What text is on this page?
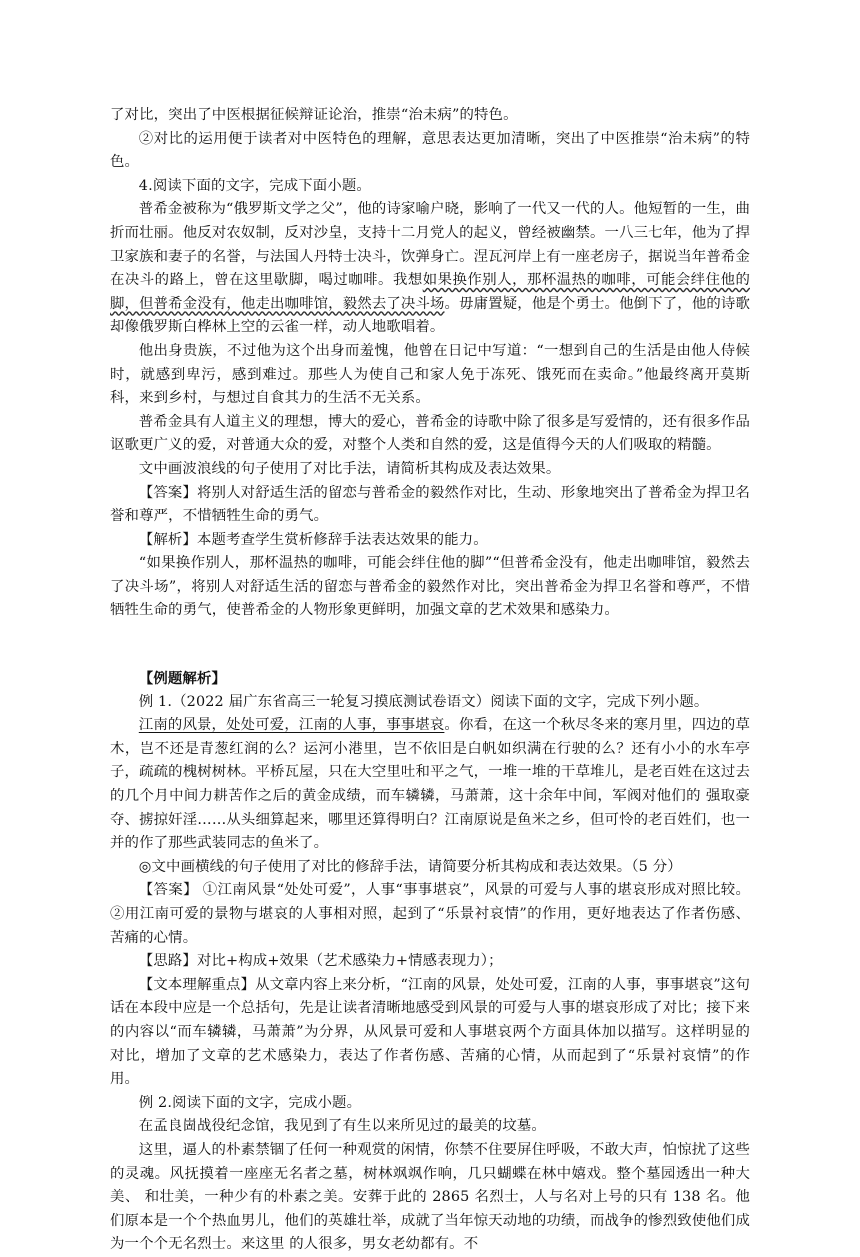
了对比，突出了中医根据征候辩证论治，推崇“治未病”的特色。

②对比的运用便于读者对中医特色的理解，意思表达更加清晰，突出了中医推崇“治未病”的特色。

4.阅读下面的文字，完成下面小题。

普希金被称为“俄罗斯文学之父”，他的诗家喻户晓，影响了一代又一代的人。他短暂的一生，曲折而壮丽。他反对农奴制，反对沙皇，支持十二月党人的起义，曾经被幽禁。一八三七年，他为了捍卫家族和妻子的名誉，与法国人丹特士决斗，饮弹身亡。涅瓦河岸上有一座老房子，据说当年普希金在决斗的路上，曾在这里歇脚，喝过咖啡。我想如果换作别人，那杯温热的咖啡，可能会绊住他的脚，但普希金没有，他走出咖啡馆，毅然去了决斗场。毋庸置疑，他是个勇士。他倒下了，他的诗歌却像俄罗斯白桦林上空的云雀一样，动人地歌唱着。

他出身贵族，不过他为这个出身而羞愧，他曾在日记中写道：“一想到自己的生活是由他人侍候时，就感到卑污，感到难过。那些人为使自己和家人免于冻死、饿死而在卖命。”他最终离开莫斯科，来到乡村，与想过自食其力的生活不无关系。

普希金具有人道主义的理想，博大的爱心，普希金的诗歌中除了很多是写爱情的，还有很多作品讴歌更广义的爱，对普通大众的爱，对整个人类和自然的爱，这是值得今天的人们吸取的精髓。

文中画波浪线的句子使用了对比手法，请简析其构成及表达效果。

【答案】将别人对舒适生活的留恋与普希金的毅然作对比，生动、形象地突出了普希金为捍卫名誉和尊严，不惜牺牲生命的勇气。

【解析】本题考查学生赏析修辞手法表达效果的能力。

“如果换作别人，那杯温热的咖啡，可能会绊住他的脚”“但普希金没有，他走出咖啡馆，毅然去了决斗场”，将别人对舒适生活的留恋与普希金的毅然作对比，突出普希金为捍卫名誉和尊严，不惜牺牲生命的勇气，使普希金的人物形象更鲜明，加强文章的艺术效果和感染力。

【例题解析】

例 1.（2022 届广东省高三一轮复习摸底测试卷语文）阅读下面的文字，完成下列小题。

江南的风景，处处可爱，江南的人事，事事堪哀。你看，在这一个秋尽冬来的寒月里，四边的草木，岂不还是青葱红润的么？运河小港里，岂不依旧是白帆如织满在行驶的么？还有小小的水车亭子，疏疏的槐树树林。平桥瓦屋，只在大空里吐和平之气，一堆一堆的干草堆儿，是老百姓在这过去的几个月中间力耕苦作之后的黄金成绩，而车辚辚，马萧萧，这十余年中间，军阀对他们的 强取豪夺、掳掠奸淫……从头细算起来，哪里还算得明白？江南原说是鱼米之乡，但可怜的老百姓们，也一并的作了那些武装同志的鱼米了。

◎文中画横线的句子使用了对比的修辞手法，请简要分析其构成和表达效果。（5 分）

【答案】 ①江南风景“处处可爱”，人事“事事堪哀”，风景的可爱与人事的堪哀形成对照比较。②用江南可爱的景物与堪哀的人事相对照，起到了“乐景衬哀情”的作用，更好地表达了作者伤感、苦痛的心情。

【思路】对比+构成+效果（艺术感染力+情感表现力）；

【文本理解重点】从文章内容上来分析，“江南的风景，处处可爱，江南的人事，事事堪哀”这句话在本段中应是一个总括句，先是让读者清晰地感受到风景的可爱与人事的堪哀形成了对比；接下来的内容以“而车辚辚，马萧萧”为分界，从风景可爱和人事堪哀两个方面具体加以描写。这样明显的对比，增加了文章的艺术感染力，表达了作者伤感、苦痛的心情，从而起到了“乐景衬哀情”的作用。

例 2.阅读下面的文字，完成小题。

在孟良崮战役纪念馆，我见到了有生以来所见过的最美的坟墓。

这里，逼人的朴素禁锢了任何一种观赏的闲情，你禁不住要屏住呼吸，不敢大声，怕惊扰了这些 的灵魂。风抚摸着一座座无名者之墓，树林飒飒作响，几只蝴蝶在林中嬉戏。整个墓园透出一种大美、 和壮美，一种少有的朴素之美。安葬于此的 2865 名烈士，人与名对上号的只有 138 名。他们原本是一个个热血男儿，他们的英雄壮举，成就了当年惊天动地的功绩，而战争的惨烈致使他们成为一个个无名烈士。来这里 的人很多，男女老幼都有。不
